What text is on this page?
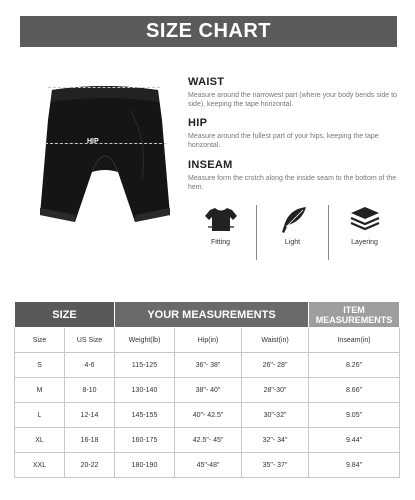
SIZE CHART
WAIST
HIP
INSEAM
WAIST

Measure around the narrowest part (where your body bends side to side), keeping the tape horizontal.

HIP

Measure around the fullest part of your hips, keeping the tape horizontal.

INSEAM

Measure form the crotch along the inside seam to the bottom of the hem.

Fitting	Light	Layering
SIZE		YOUR MEASUREMENTS			ITEM MEASUREMENTS
Size	US Size	Weight(lb)	Hip(in)	Waist(in)	Inseam(in)
S	4-6	115-125	36"- 38"	26"- 28"	8.26"
M	8-10	130-140	38"- 40"	28"-30"	8.66"
L	12-14	145-155	40"- 42.5"	30"-32"	9.05"
XL	16-18	160-175	42.5"- 45"	32"- 34"	9.44"
XXL	20-22	180-190	45"-48"	35"- 37"	9.84"
